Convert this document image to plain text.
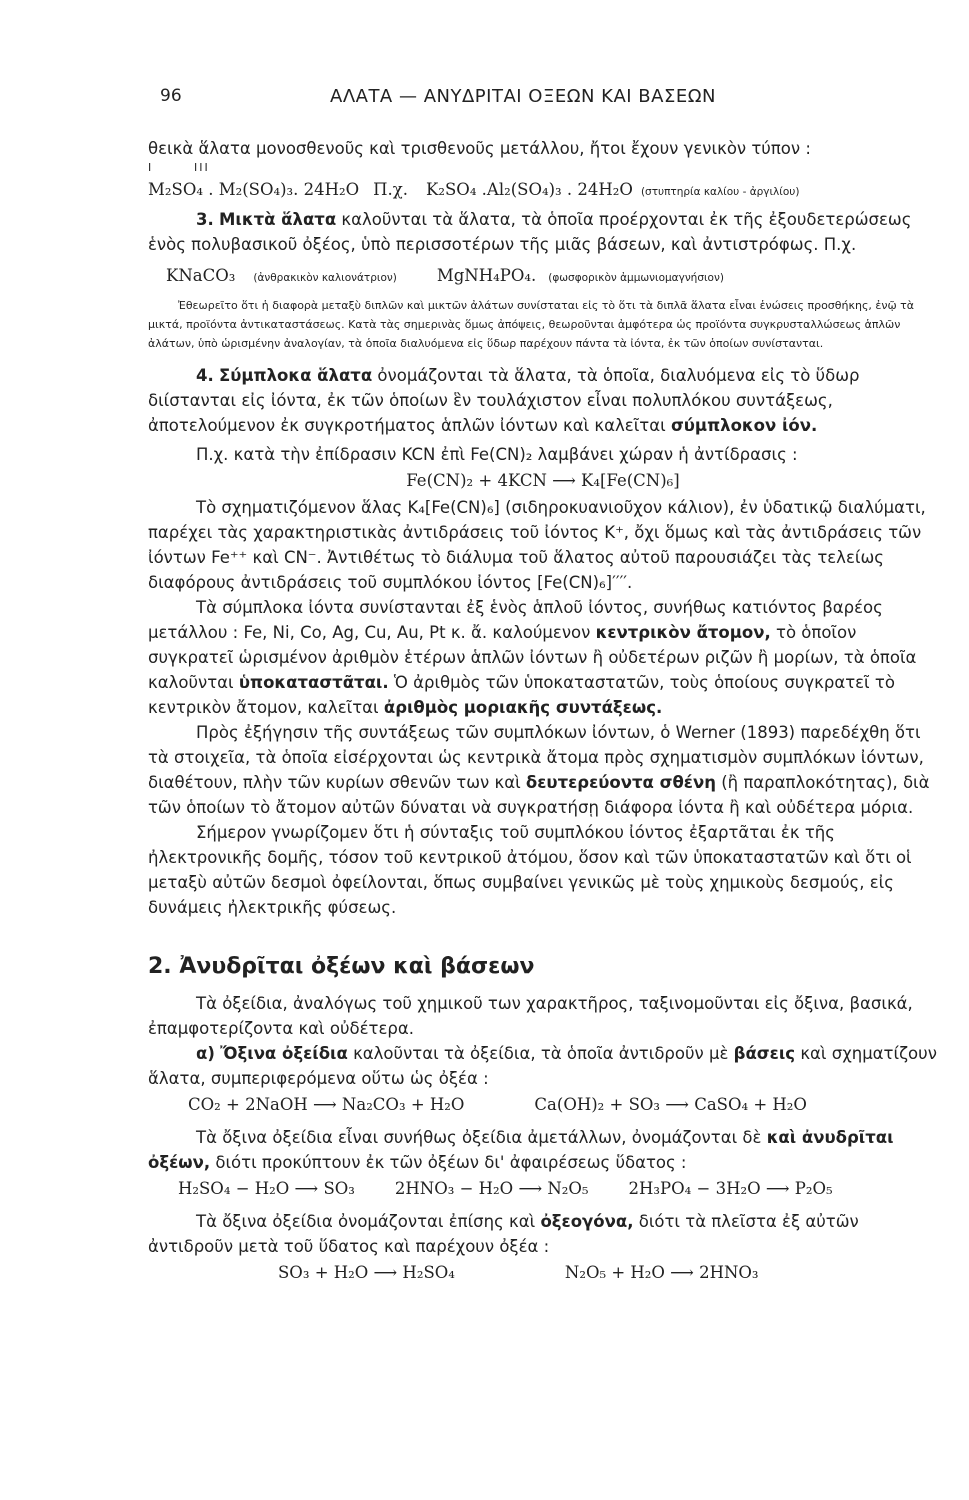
96	ΑΛΑΤΑ — ΑΝΥΔΡΙΤΑΙ ΟΞΕΩΝ ΚΑΙ ΒΑΣΕΩΝ

θεικὰ ἅλατα μονοσθενοῦς καὶ τρισθενοῦς μετάλλου, ἤτοι ἔχουν γενικὸν τύπον :

I	III
M₂SO₄ . M₂(SO₄)₃. 24H₂O Π.χ. K₂SO₄ .Al₂(SO₄)₃ . 24H₂O (στυπτηρία καλίου - ἀργιλίου)

3. Μικτὰ ἅλατα καλοῦνται τὰ ἅλατα, τὰ ὁποῖα προέρχονται ἐκ τῆς ἐξουδετερώσεως ἑνὸς πολυβασικοῦ ὀξέος, ὑπὸ περισσοτέρων τῆς μιᾶς βάσεων, καὶ ἀντιστρόφως. Π.χ.

KNaCO₃ (ἀνθρακικὸν καλιονάτριον) MgNH₄PO₄. (φωσφορικὸν ἀμμωνιομαγνήσιον)

Ἐθεωρεῖτο ὅτι ἡ διαφορὰ μεταξὺ διπλῶν καὶ μικτῶν ἀλάτων συνίσταται εἰς τὸ ὅτι τὰ διπλᾶ ἅλατα εἶναι ἑνώσεις προσθήκης, ἐνῷ τὰ μικτά, προϊόντα ἀντικαταστάσεως. Κατὰ τὰς σημερινὰς ὅμως ἀπόψεις, θεωροῦνται ἀμφότερα ὡς προϊόντα συγκρυσταλλώσεως ἁπλῶν ἀλάτων, ὑπὸ ὡρισμένην ἀναλογίαν, τὰ ὁποῖα διαλυόμενα εἰς ὕδωρ παρέχουν πάντα τὰ ἰόντα, ἐκ τῶν ὁποίων συνίστανται.

4. Σύμπλοκα ἅλατα ὀνομάζονται τὰ ἅλατα, τὰ ὁποῖα, διαλυόμενα εἰς τὸ ὕδωρ διίστανται εἰς ἰόντα, ἐκ τῶν ὁποίων ἓν τουλάχιστον εἶναι πολυπλόκου συντάξεως, ἀποτελούμενον ἐκ συγκροτήματος ἁπλῶν ἰόντων καὶ καλεῖται σύμπλοκον ἰόν.

Π.χ. κατὰ τὴν ἐπίδρασιν KCN ἐπὶ Fe(CN)₂ λαμβάνει χώραν ἡ ἀντίδρασις :

Fe(CN)₂ + 4KCN ⟶ K₄[Fe(CN)₆]

Τὸ σχηματιζόμενον ἅλας K₄[Fe(CN)₆] (σιδηροκυανιοῦχον κάλιον), ἐν ὑδατικῷ διαλύματι, παρέχει τὰς χαρακτηριστικὰς ἀντιδράσεις τοῦ ἰόντος K⁺, ὄχι ὅμως καὶ τὰς ἀντιδράσεις τῶν ἰόντων Fe⁺⁺ καὶ CN⁻. Ἀντιθέτως τὸ διάλυμα τοῦ ἅλατος αὐτοῦ παρουσιάζει τὰς τελείως διαφόρους ἀντιδράσεις τοῦ συμπλόκου ἰόντος [Fe(CN)₆]′′′′.

Τὰ σύμπλοκα ἰόντα συνίστανται ἐξ ἑνὸς ἁπλοῦ ἰόντος, συνήθως κατιόντος βαρέος μετάλλου : Fe, Ni, Co, Ag, Cu, Au, Pt κ. ἄ. καλούμενον κεντρικὸν ἄτομον, τὸ ὁποῖον συγκρατεῖ ὡρισμένον ἀριθμὸν ἑτέρων ἁπλῶν ἰόντων ἢ οὐδετέρων ριζῶν ἢ μορίων, τὰ ὁποῖα καλοῦνται ὑποκαταστᾶται. Ὁ ἀριθμὸς τῶν ὑποκαταστατῶν, τοὺς ὁποίους συγκρατεῖ τὸ κεντρικὸν ἄτομον, καλεῖται ἀριθμὸς μοριακῆς συντάξεως.

Πρὸς ἐξήγησιν τῆς συντάξεως τῶν συμπλόκων ἰόντων, ὁ Werner (1893) παρεδέχθη ὅτι τὰ στοιχεῖα, τὰ ὁποῖα εἰσέρχονται ὡς κεντρικὰ ἄτομα πρὸς σχηματισμὸν συμπλόκων ἰόντων, διαθέτουν, πλὴν τῶν κυρίων σθενῶν των καὶ δευτερεύοντα σθένη (ἢ παραπλοκότητας), διὰ τῶν ὁποίων τὸ ἄτομον αὐτῶν δύναται νὰ συγκρατήσῃ διάφορα ἰόντα ἢ καὶ οὐδέτερα μόρια.

Σήμερον γνωρίζομεν ὅτι ἡ σύνταξις τοῦ συμπλόκου ἰόντος ἐξαρτᾶται ἐκ τῆς ἠλεκτρονικῆς δομῆς, τόσον τοῦ κεντρικοῦ ἀτόμου, ὅσον καὶ τῶν ὑποκαταστατῶν καὶ ὅτι οἱ μεταξὺ αὐτῶν δεσμοὶ ὀφείλονται, ὅπως συμβαίνει γενικῶς μὲ τοὺς χημικοὺς δεσμούς, εἰς δυνάμεις ἠλεκτρικῆς φύσεως.

2. Ἀνυδρῖται ὀξέων καὶ βάσεων

Τὰ ὀξείδια, ἀναλόγως τοῦ χημικοῦ των χαρακτῆρος, ταξινομοῦνται εἰς ὄξινα, βασικά, ἐπαμφοτερίζοντα καὶ οὐδέτερα.

α) Ὄξινα ὀξείδια καλοῦνται τὰ ὀξείδια, τὰ ὁποῖα ἀντιδροῦν μὲ βάσεις καὶ σχηματίζουν ἅλατα, συμπεριφερόμενα οὕτω ὡς ὀξέα :

CO₂ + 2NaOH ⟶ Na₂CO₃ + H₂O	Ca(OH)₂ + SO₃ ⟶ CaSO₄ + H₂O

Τὰ ὄξινα ὀξείδια εἶναι συνήθως ὀξείδια ἀμετάλλων, ὀνομάζονται δὲ καὶ ἀνυδρῖται ὀξέων, διότι προκύπτουν ἐκ τῶν ὀξέων δι' ἀφαιρέσεως ὕδατος :

H₂SO₄ − H₂O ⟶ SO₃ 2HNO₃ − H₂O ⟶ N₂O₅ 2H₃PO₄ − 3H₂O ⟶ P₂O₅

Τὰ ὄξινα ὀξείδια ὀνομάζονται ἐπίσης καὶ ὀξεογόνα, διότι τὰ πλεῖστα ἐξ αὐτῶν ἀντιδροῦν μετὰ τοῦ ὕδατος καὶ παρέχουν ὀξέα :

SO₃ + H₂O ⟶ H₂SO₄	N₂O₅ + H₂O ⟶ 2HNO₃
